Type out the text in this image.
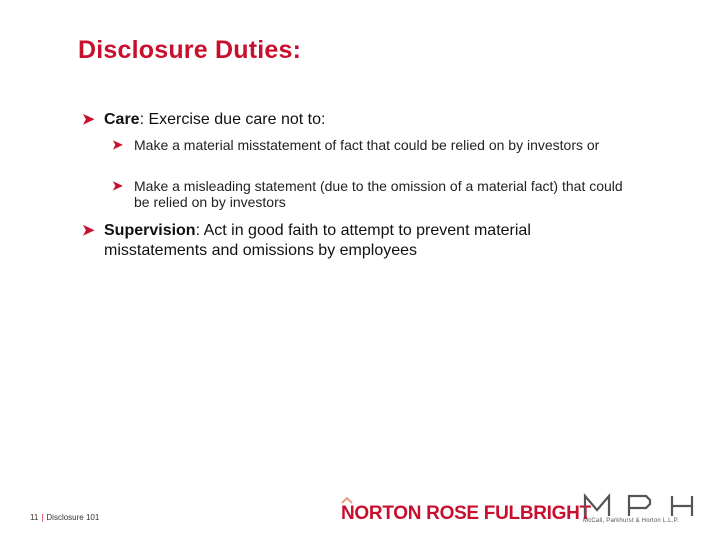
Disclosure Duties:
➤ Care: Exercise due care not to:
➤ Make a material misstatement of fact that could be relied on by investors or
➤ Make a misleading statement (due to the omission of a material fact) that could be relied on by investors
➤ Supervision: Act in good faith to attempt to prevent material misstatements and omissions by employees
11 | Disclosure 101	NORTON ROSE FULBRIGHT
McCall, Parkhurst & Horton L.L.P.
